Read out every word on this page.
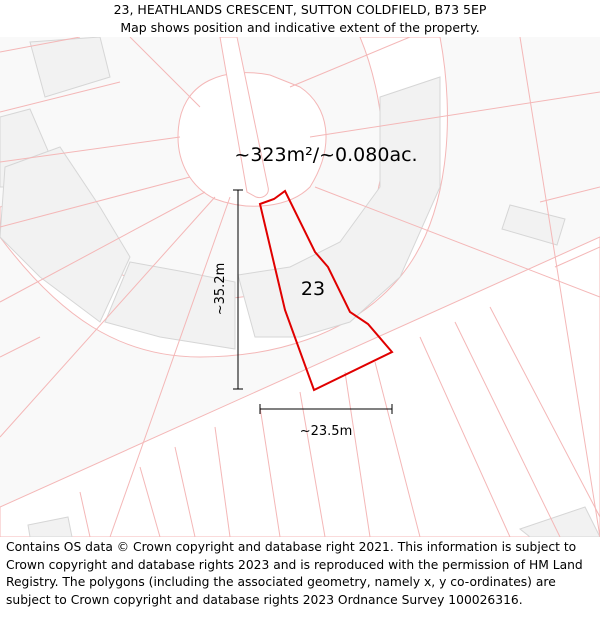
23, HEATHLANDS CRESCENT, SUTTON COLDFIELD, B73 5EP
Map shows position and indicative extent of the property.
~323m²/~0.080ac.
23
~35.2m
~23.5m
Contains OS data © Crown copyright and database right 2021. This information is subject to Crown copyright and database rights 2023 and is reproduced with the permission of HM Land Registry. The polygons (including the associated geometry, namely x, y co-ordinates) are subject to Crown copyright and database rights 2023 Ordnance Survey 100026316.
